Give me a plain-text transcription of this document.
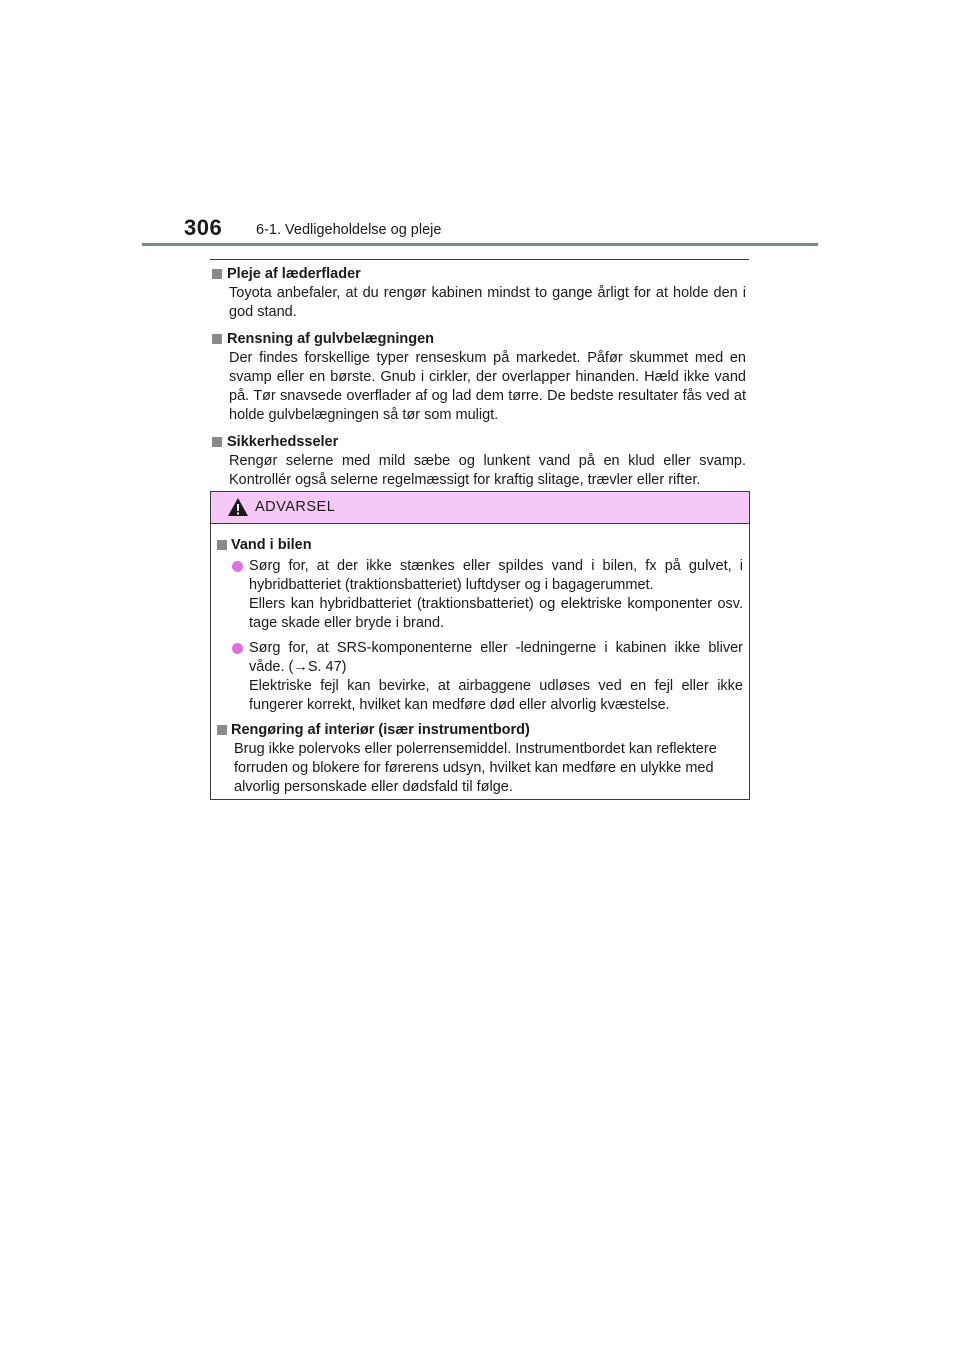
306 6-1. Vedligeholdelse og pleje
Pleje af læderflader
Toyota anbefaler, at du rengør kabinen mindst to gange årligt for at holde den i god stand.
Rensning af gulvbelægningen
Der findes forskellige typer renseskum på markedet. Påfør skummet med en svamp eller en børste. Gnub i cirkler, der overlapper hinanden. Hæld ikke vand på. Tør snavsede overflader af og lad dem tørre. De bedste resultater fås ved at holde gulvbelægningen så tør som muligt.
Sikkerhedsseler
Rengør selerne med mild sæbe og lunkent vand på en klud eller svamp. Kontrollér også selerne regelmæssigt for kraftig slitage, trævler eller rifter.
ADVARSEL
Vand i bilen
Sørg for, at der ikke stænkes eller spildes vand i bilen, fx på gulvet, i hybridbatteriet (traktionsbatteriet) luftdyser og i bagagerummet.
Ellers kan hybridbatteriet (traktionsbatteriet) og elektriske komponenter osv. tage skade eller bryde i brand.
Sørg for, at SRS-komponenterne eller -ledningerne i kabinen ikke bliver våde. (→S. 47)
Elektriske fejl kan bevirke, at airbaggene udløses ved en fejl eller ikke fungerer korrekt, hvilket kan medføre død eller alvorlig kvæstelse.
Rengøring af interiør (især instrumentbord)
Brug ikke polervoks eller polerrensemiddel. Instrumentbordet kan reflektere
forruden og blokere for førerens udsyn, hvilket kan medføre en ulykke med
alvorlig personskade eller dødsfald til følge.
